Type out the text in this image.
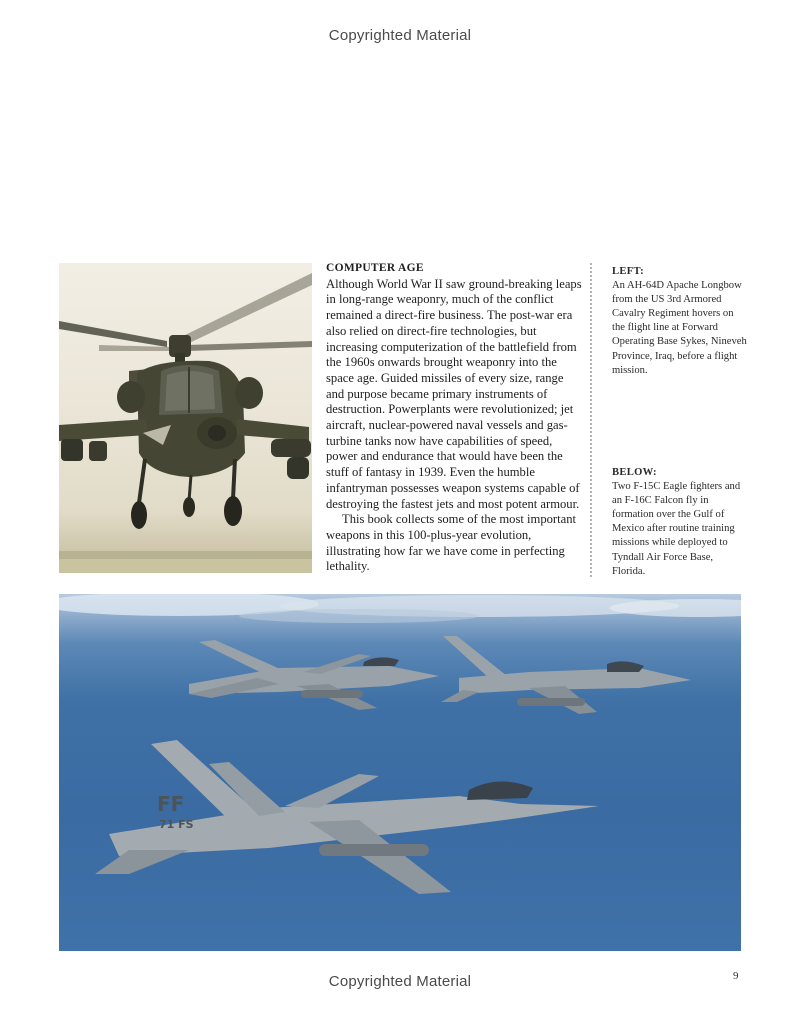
Copyrighted Material
COMPUTER AGE

Although World War II saw ground-breaking leaps in long-range weaponry, much of the conflict remained a direct-fire business. The post-war era also relied on direct-fire technologies, but increasing computerization of the battlefield from the 1960s onwards brought weaponry into the space age. Guided missiles of every size, range and purpose became primary instruments of destruction. Powerplants were revolutionized; jet aircraft, nuclear-powered naval vessels and gas-turbine tanks now have capabilities of speed, power and endurance that would have been the stuff of fantasy in 1939. Even the humble infantryman possesses weapon systems capable of destroying the fastest jets and most potent armour.

This book collects some of the most important weapons in this 100-plus-year evolution, illustrating how far we have come in perfecting lethality.

LEFT:
An AH-64D Apache Longbow from the US 3rd Armored Cavalry Regiment hovers on the flight line at Forward Operating Base Sykes, Nineveh Province, Iraq, before a flight mission.
BELOW:
Two F-15C Eagle fighters and an F-16C Falcon fly in formation over the Gulf of Mexico after routine training missions while deployed to Tyndall Air Force Base, Florida.
FF
71 FS
9
Copyrighted Material
